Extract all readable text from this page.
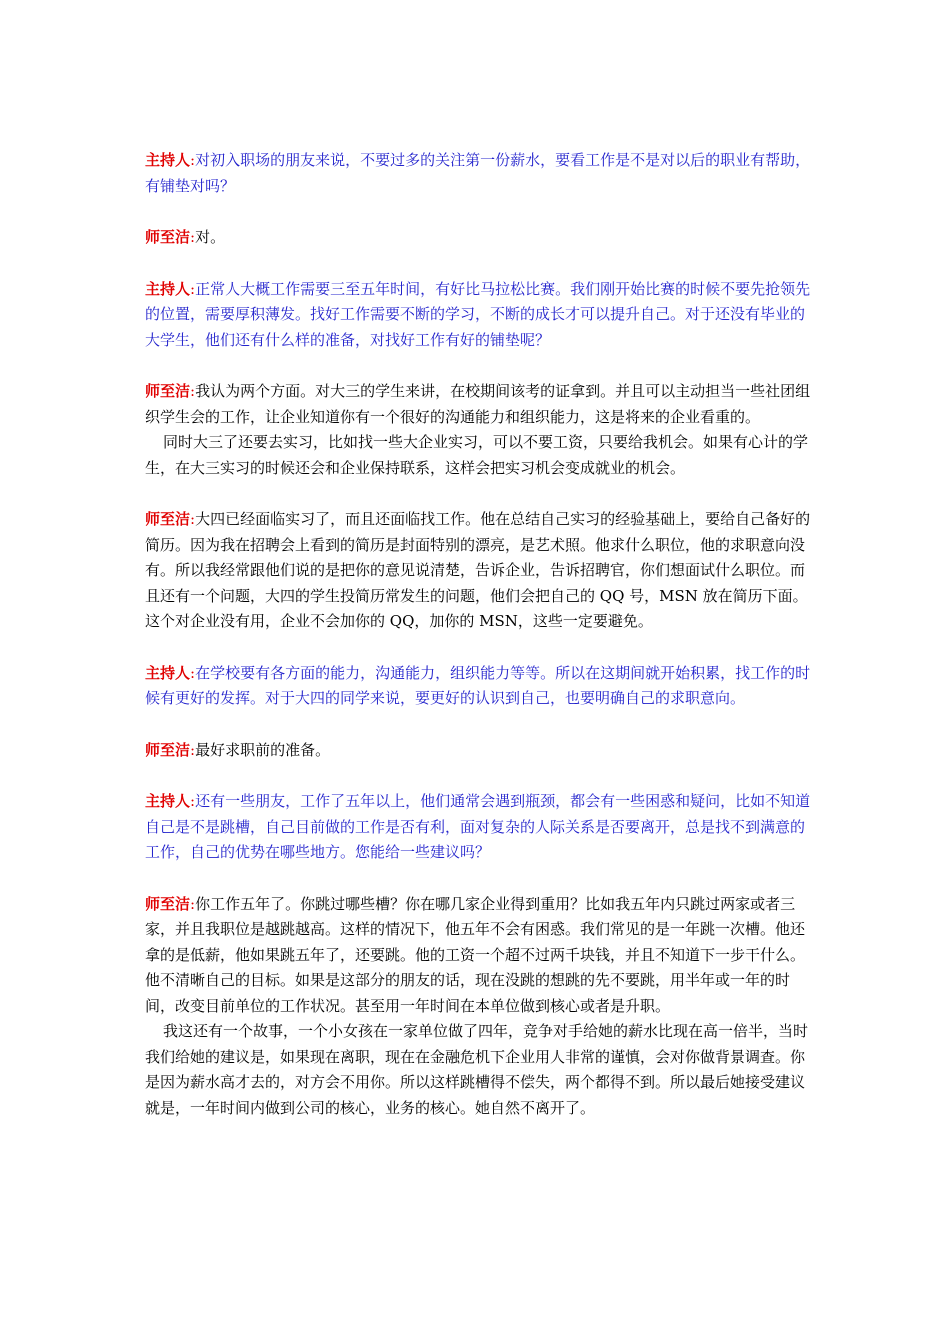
主持人:对初入职场的朋友来说，不要过多的关注第一份薪水，要看工作是不是对以后的职业有帮助，有铺垫对吗？

师至洁:对。

主持人:正常人大概工作需要三至五年时间，有好比马拉松比赛。我们刚开始比赛的时候不要先抢领先的位置，需要厚积薄发。找好工作需要不断的学习，不断的成长才可以提升自己。对于还没有毕业的大学生，他们还有什么样的准备，对找好工作有好的铺垫呢？

师至洁:我认为两个方面。对大三的学生来讲，在校期间该考的证拿到。并且可以主动担当一些社团组织学生会的工作，让企业知道你有一个很好的沟通能力和组织能力，这是将来的企业看重的。

同时大三了还要去实习，比如找一些大企业实习，可以不要工资，只要给我机会。如果有心计的学生，在大三实习的时候还会和企业保持联系，这样会把实习机会变成就业的机会。

师至洁:大四已经面临实习了，而且还面临找工作。他在总结自己实习的经验基础上，要给自己备好的简历。因为我在招聘会上看到的简历是封面特别的漂亮，是艺术照。他求什么职位，他的求职意向没有。所以我经常跟他们说的是把你的意见说清楚，告诉企业，告诉招聘官，你们想面试什么职位。而且还有一个问题，大四的学生投简历常发生的问题，他们会把自己的 QQ 号，MSN 放在简历下面。这个对企业没有用，企业不会加你的 QQ，加你的 MSN，这些一定要避免。

主持人:在学校要有各方面的能力，沟通能力，组织能力等等。所以在这期间就开始积累，找工作的时候有更好的发挥。对于大四的同学来说，要更好的认识到自己，也要明确自己的求职意向。

师至洁:最好求职前的准备。

主持人:还有一些朋友，工作了五年以上，他们通常会遇到瓶颈，都会有一些困惑和疑问，比如不知道自己是不是跳槽，自己目前做的工作是否有利，面对复杂的人际关系是否要离开，总是找不到满意的工作，自己的优势在哪些地方。您能给一些建议吗？

师至洁:你工作五年了。你跳过哪些槽？你在哪几家企业得到重用？比如我五年内只跳过两家或者三家，并且我职位是越跳越高。这样的情况下，他五年不会有困惑。我们常见的是一年跳一次槽。他还拿的是低薪，他如果跳五年了，还要跳。他的工资一个超不过两千块钱，并且不知道下一步干什么。他不清晰自己的目标。如果是这部分的朋友的话，现在没跳的想跳的先不要跳，用半年或一年的时间，改变目前单位的工作状况。甚至用一年时间在本单位做到核心或者是升职。

我这还有一个故事，一个小女孩在一家单位做了四年，竞争对手给她的薪水比现在高一倍半，当时我们给她的建议是，如果现在离职，现在在金融危机下企业用人非常的谨慎，会对你做背景调查。你是因为薪水高才去的，对方会不用你。所以这样跳槽得不偿失，两个都得不到。所以最后她接受建议就是，一年时间内做到公司的核心，业务的核心。她自然不离开了。
